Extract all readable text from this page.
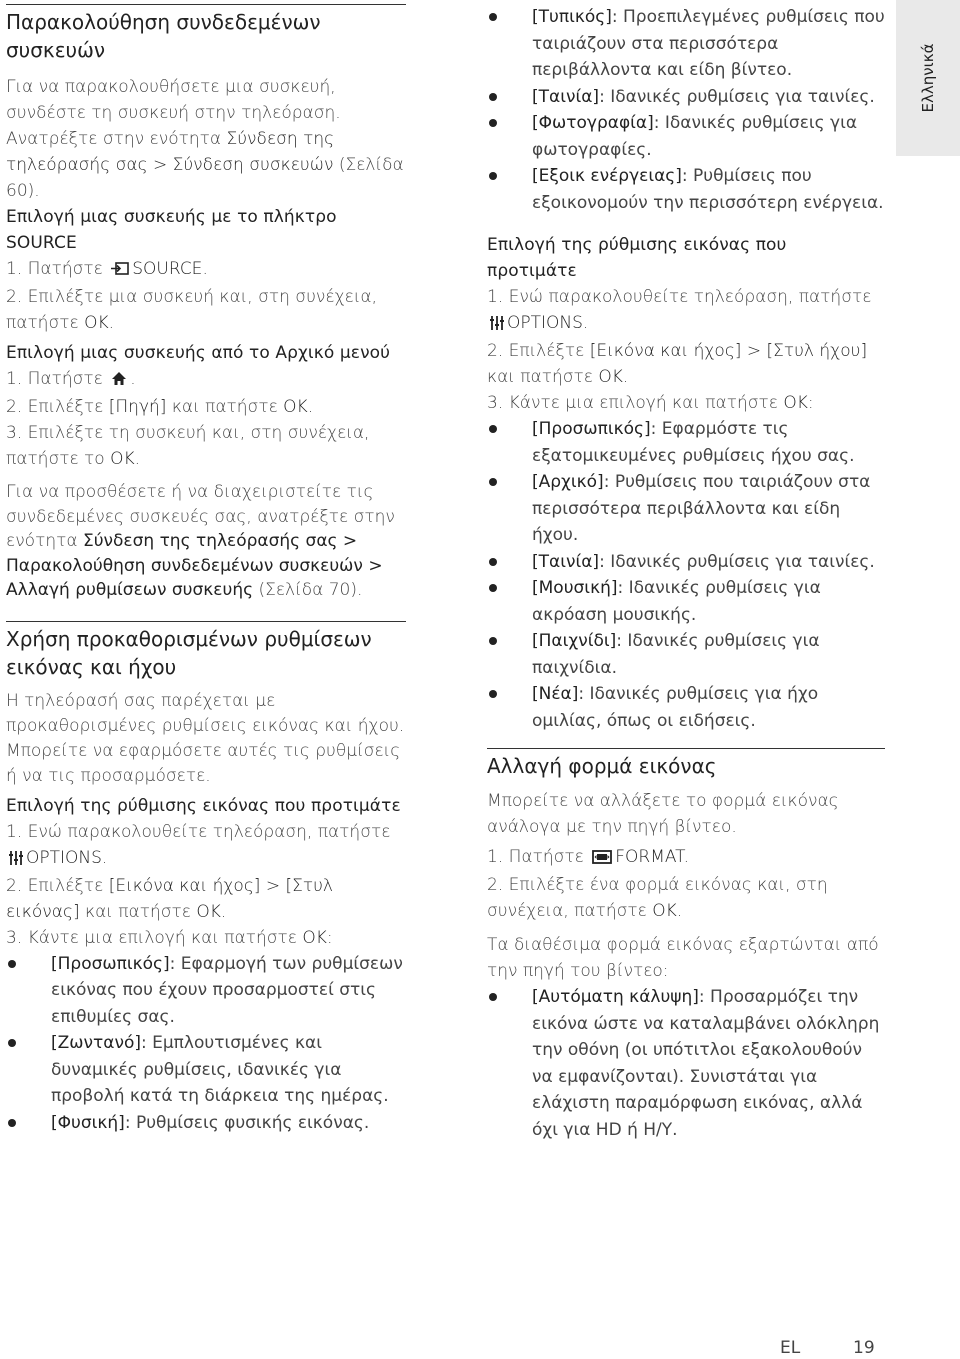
Ελληνικά
Παρακολούθηση συνδεδεμένων συσκευών

Για να παρακολουθήσετε μια συσκευή, συνδέστε τη συσκευή στην τηλεόραση. Ανατρέξτε στην ενότητα Σύνδεση της τηλεόρασής σας > Σύνδεση συσκευών (Σελίδα 60).

Επιλογή μιας συσκευής με το πλήκτρο SOURCE

1. Πατήστε SOURCE.

2. Επιλέξτε μια συσκευή και, στη συνέχεια, πατήστε OK.

Επιλογή μιας συσκευής από το Αρχικό μενού

1. Πατήστε .

2. Επιλέξτε [Πηγή] και πατήστε OK.

3. Επιλέξτε τη συσκευή και, στη συνέχεια, πατήστε το OK.

Για να προσθέσετε ή να διαχειριστείτε τις συνδεδεμένες συσκευές σας, ανατρέξτε στην ενότητα Σύνδεση της τηλεόρασής σας > Παρακολούθηση συνδεδεμένων συσκευών > Αλλαγή ρυθμίσεων συσκευής (Σελίδα 70).

Χρήση προκαθορισμένων ρυθμίσεων εικόνας και ήχου

Η τηλεόρασή σας παρέχεται με προκαθορισμένες ρυθμίσεις εικόνας και ήχου. Μπορείτε να εφαρμόσετε αυτές τις ρυθμίσεις ή να τις προσαρμόσετε.

Επιλογή της ρύθμισης εικόνας που προτιμάτε

1. Ενώ παρακολουθείτε τηλεόραση, πατήστε OPTIONS.

2. Επιλέξτε [Εικόνα και ήχος] > [Στυλ εικόνας] και πατήστε OK.

3. Κάντε μια επιλογή και πατήστε OK:

[Προσωπικός]: Εφαρμογή των ρυθμίσεων εικόνας που έχουν προσαρμοστεί στις επιθυμίες σας.
[Ζωντανό]: Εμπλουτισμένες και δυναμικές ρυθμίσεις, ιδανικές για προβολή κατά τη διάρκεια της ημέρας.
[Φυσική]: Ρυθμίσεις φυσικής εικόνας.
[Τυπικός]: Προεπιλεγμένες ρυθμίσεις που ταιριάζουν στα περισσότερα περιβάλλοντα και είδη βίντεο.
[Ταινία]: Ιδανικές ρυθμίσεις για ταινίες.
[Φωτογραφία]: Ιδανικές ρυθμίσεις για φωτογραφίες.
[Εξοικ ενέργειας]: Ρυθμίσεις που εξοικονομούν την περισσότερη ενέργεια.
Επιλογή της ρύθμισης εικόνας που προτιμάτε

1. Ενώ παρακολουθείτε τηλεόραση, πατήστε OPTIONS.

2. Επιλέξτε [Εικόνα και ήχος] > [Στυλ ήχου] και πατήστε OK.

3. Κάντε μια επιλογή και πατήστε OK:

[Προσωπικός]: Εφαρμόστε τις εξατομικευμένες ρυθμίσεις ήχου σας.
[Αρχικό]: Ρυθμίσεις που ταιριάζουν στα περισσότερα περιβάλλοντα και είδη ήχου.
[Ταινία]: Ιδανικές ρυθμίσεις για ταινίες.
[Μουσική]: Ιδανικές ρυθμίσεις για ακρόαση μουσικής.
[Παιχνίδι]: Ιδανικές ρυθμίσεις για παιχνίδια.
[Νέα]: Ιδανικές ρυθμίσεις για ήχο ομιλίας, όπως οι ειδήσεις.
Αλλαγή φορμά εικόνας

Μπορείτε να αλλάξετε το φορμά εικόνας ανάλογα με την πηγή βίντεο.

1. Πατήστε FORMAT.

2. Επιλέξτε ένα φορμά εικόνας και, στη συνέχεια, πατήστε OK.

Τα διαθέσιμα φορμά εικόνας εξαρτώνται από την πηγή του βίντεο:

[Αυτόματη κάλυψη]: Προσαρμόζει την εικόνα ώστε να καταλαμβάνει ολόκληρη την οθόνη (οι υπότιτλοι εξακολουθούν να εμφανίζονται). Συνιστάται για ελάχιστη παραμόρφωση εικόνας, αλλά όχι για HD ή Η/Υ.
EL	19
